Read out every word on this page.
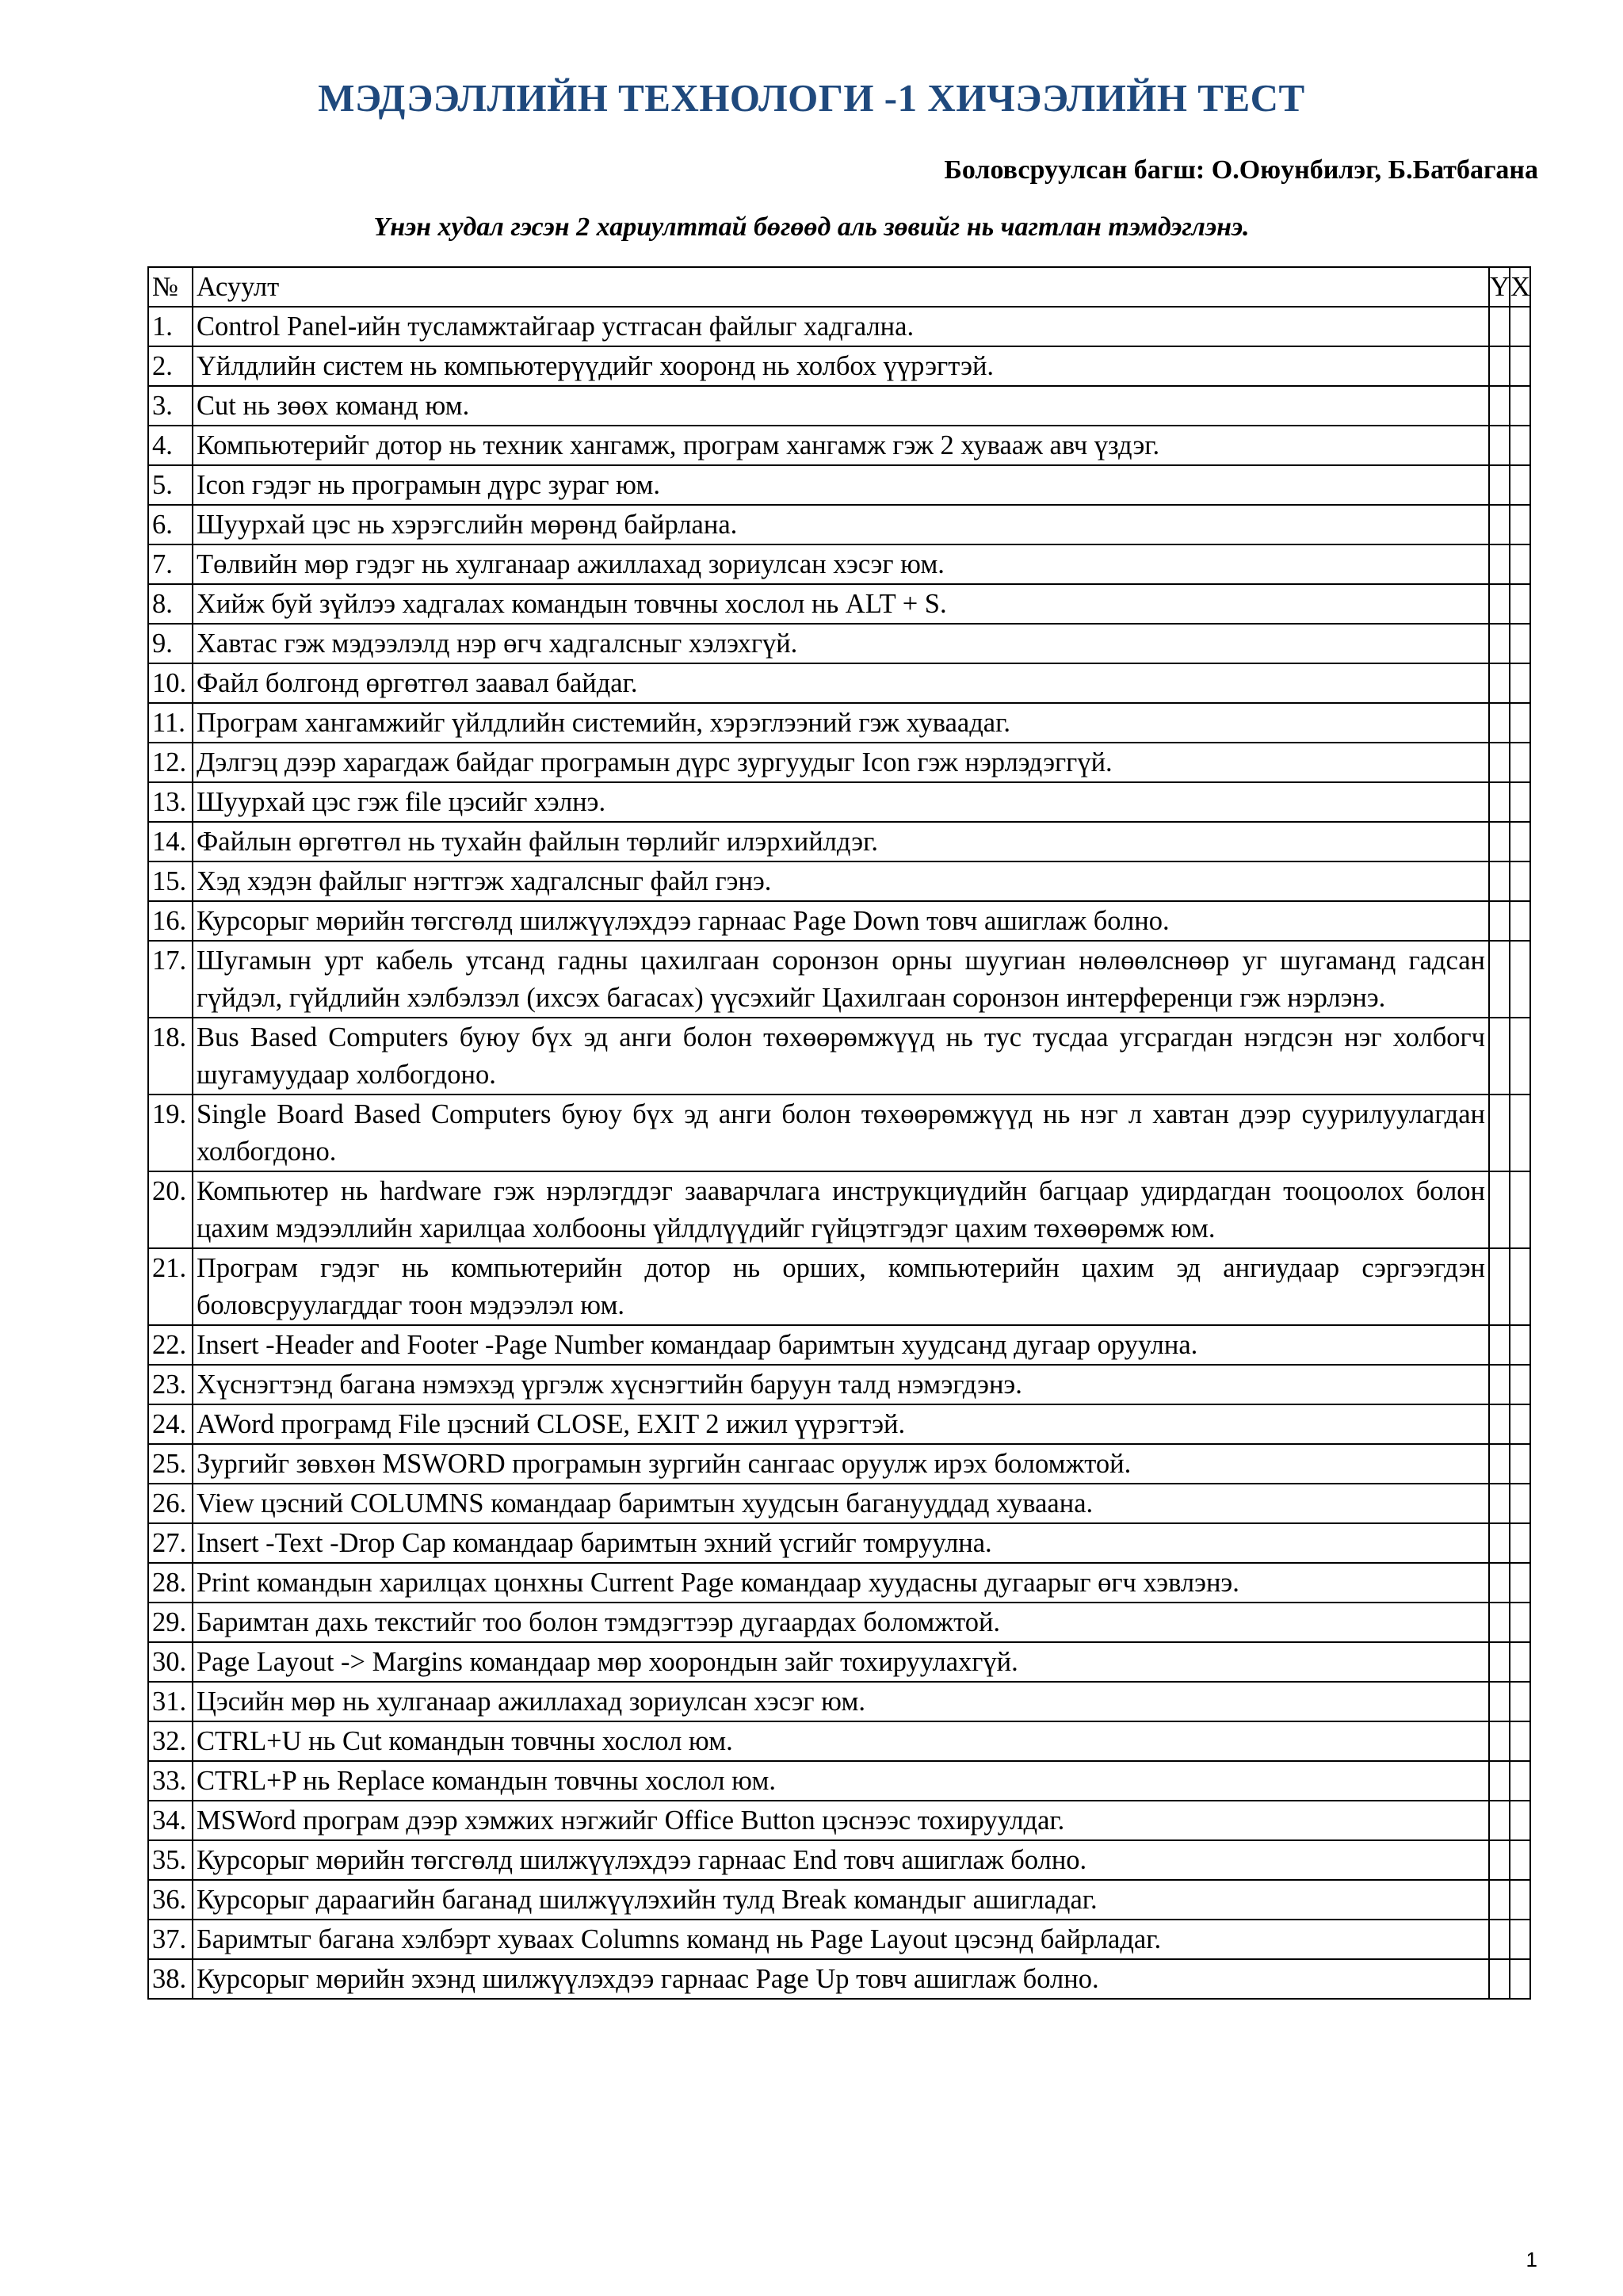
МЭДЭЭЛЛИЙН ТЕХНОЛОГИ -1 ХИЧЭЭЛИЙН ТЕСТ

Боловсруулсан багш: О.Оюунбилэг, Б.Батбагана

Үнэн худал гэсэн 2 хариулттай бөгөөд аль зөвийг нь чагтлан тэмдэглэнэ.

№	Асуулт	Ү	Х
1.	Control Panel-ийн тусламжтайгаар устгасан файлыг хадгална.		
2.	Үйлдлийн систем нь компьютерүүдийг хооронд нь холбох үүрэгтэй.		
3.	Cut нь зөөх команд юм.		
4.	Компьютерийг дотор нь техник хангамж, програм хангамж гэж 2 хувааж авч үздэг.		
5.	Icon гэдэг нь програмын дүрс зураг юм.		
6.	Шуурхай цэс нь хэрэгслийн мөрөнд байрлана.		
7.	Төлвийн мөр гэдэг нь хулганаар ажиллахад зориулсан хэсэг юм.		
8.	Хийж буй зүйлээ хадгалах командын товчны хослол нь ALT + S.		
9.	Хавтас гэж мэдээлэлд нэр өгч хадгалсныг хэлэхгүй.		
10.	Файл болгонд өргөтгөл заавал байдаг.		
11.	Програм хангамжийг үйлдлийн системийн, хэрэглээний гэж хуваадаг.		
12.	Дэлгэц дээр харагдаж байдаг програмын дүрс зургуудыг Icon гэж нэрлэдэггүй.		
13.	Шуурхай цэс гэж file цэсийг хэлнэ.		
14.	Файлын өргөтгөл нь тухайн файлын төрлийг илэрхийлдэг.		
15.	Хэд хэдэн файлыг нэгтгэж хадгалсныг файл гэнэ.		
16.	Курсорыг мөрийн төгсгөлд шилжүүлэхдээ гарнаас Page Down товч ашиглаж болно.		
17.	Шугамын урт кабель утсанд гадны цахилгаан соронзон орны шуугиан нөлөөлснөөр уг шугаманд гадсан гүйдэл, гүйдлийн хэлбэлзэл (ихсэх багасах) үүсэхийг Цахилгаан соронзон интерференци гэж нэрлэнэ.		
18.	Bus Based Computers буюу бүх эд анги болон төхөөрөмжүүд нь тус тусдаа угсрагдан нэгдсэн нэг холбогч шугамуудаар холбогдоно.		
19.	Single Board Based Computers буюу бүх эд анги болон төхөөрөмжүүд нь нэг л хавтан дээр суурилуулагдан холбогдоно.		
20.	Компьютер нь hardware гэж нэрлэгддэг зааварчлага инструкциүдийн багцаар удирдагдан тооцоолох болон цахим мэдээллийн харилцаа холбооны үйлдлүүдийг гүйцэтгэдэг цахим төхөөрөмж юм.		
21.	Програм гэдэг нь компьютерийн дотор нь орших, компьютерийн цахим эд ангиудаар сэргээгдэн боловсруулагддаг тоон мэдээлэл юм.		
22.	Insert -Header and Footer -Page Number командаар баримтын хуудсанд дугаар оруулна.		
23.	Хүснэгтэнд багана нэмэхэд үргэлж хүснэгтийн баруун талд нэмэгдэнэ.		
24.	AWord програмд File цэсний CLOSE, EXIT 2 ижил үүрэгтэй.		
25.	Зургийг зөвхөн MSWORD програмын зургийн сангаас оруулж ирэх боломжтой.		
26.	View цэсний COLUMNS командаар баримтын хуудсын баганууддад хуваана.		
27.	Insert -Text -Drop Cap командаар баримтын эхний үсгийг томруулна.		
28.	Print командын харилцах цонхны Current Page командаар хуудасны дугаарыг өгч хэвлэнэ.		
29.	Баримтан дахь текстийг тоо болон тэмдэгтээр дугаардах боломжтой.		
30.	Page Layout -> Margins командаар мөр хоорондын зайг тохируулахгүй.		
31.	Цэсийн мөр нь хулганаар ажиллахад зориулсан хэсэг юм.		
32.	CTRL+U нь Cut командын товчны хослол юм.		
33.	CTRL+P нь Replace командын товчны хослол юм.		
34.	MSWord програм дээр хэмжих нэгжийг Office Button цэснээс тохируулдаг.		
35.	Курсорыг мөрийн төгсгөлд шилжүүлэхдээ гарнаас End товч ашиглаж болно.		
36.	Курсорыг дараагийн баганад шилжүүлэхийн тулд Break командыг ашигладаг.		
37.	Баримтыг багана хэлбэрт хуваах Columns команд нь Page Layout цэсэнд байрладаг.		
38.	Курсорыг мөрийн эхэнд шилжүүлэхдээ гарнаас Page Up товч ашиглаж болно.		

1
